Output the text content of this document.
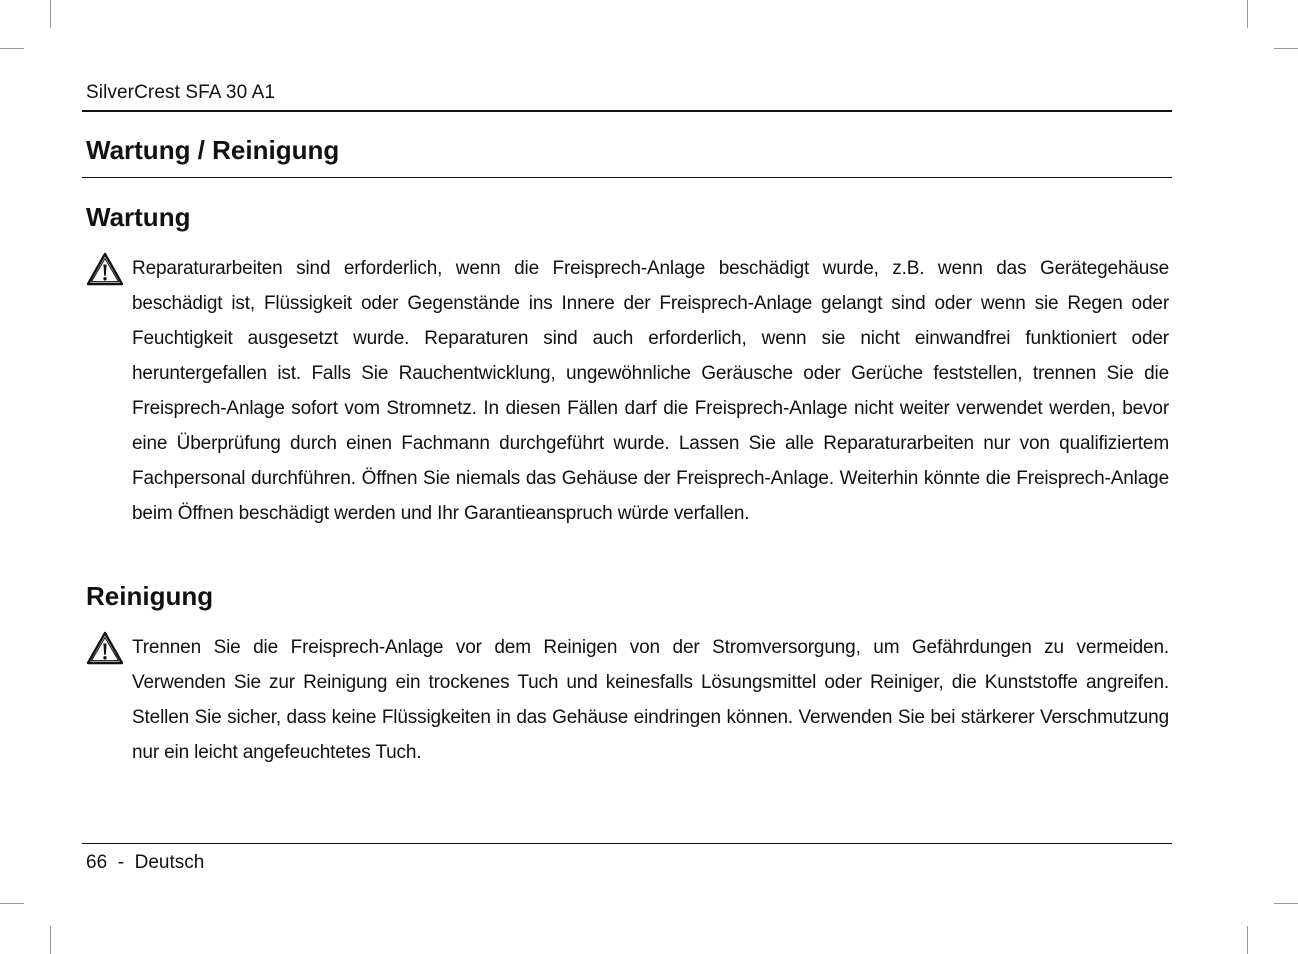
SilverCrest SFA 30 A1
Wartung / Reinigung
Wartung

Reparaturarbeiten sind erforderlich, wenn die Freisprech-Anlage beschädigt wurde, z.B. wenn das Gerätegehäuse beschädigt ist, Flüssigkeit oder Gegenstände ins Innere der Freisprech-Anlage gelangt sind oder wenn sie Regen oder Feuchtigkeit ausgesetzt wurde. Reparaturen sind auch erforderlich, wenn sie nicht einwandfrei funktioniert oder heruntergefallen ist. Falls Sie Rauchentwicklung, ungewöhnliche Geräusche oder Gerüche feststellen, trennen Sie die Freisprech-Anlage sofort vom Stromnetz. In diesen Fällen darf die Freisprech-Anlage nicht weiter verwendet werden, bevor eine Überprüfung durch einen Fachmann durchgeführt wurde. Lassen Sie alle Reparaturarbeiten nur von qualifiziertem Fachpersonal durchführen. Öffnen Sie niemals das Gehäuse der Freisprech-Anlage. Weiterhin könnte die Freisprech-Anlage beim Öffnen beschädigt werden und Ihr Garantieanspruch würde verfallen.

Reinigung

Trennen Sie die Freisprech-Anlage vor dem Reinigen von der Stromversorgung, um Gefährdungen zu vermeiden. Verwenden Sie zur Reinigung ein trockenes Tuch und keinesfalls Lösungsmittel oder Reiniger, die Kunststoffe angreifen. Stellen Sie sicher, dass keine Flüssigkeiten in das Gehäuse eindringen können. Verwenden Sie bei stärkerer Verschmutzung nur ein leicht angefeuchtetes Tuch.

66 - Deutsch
